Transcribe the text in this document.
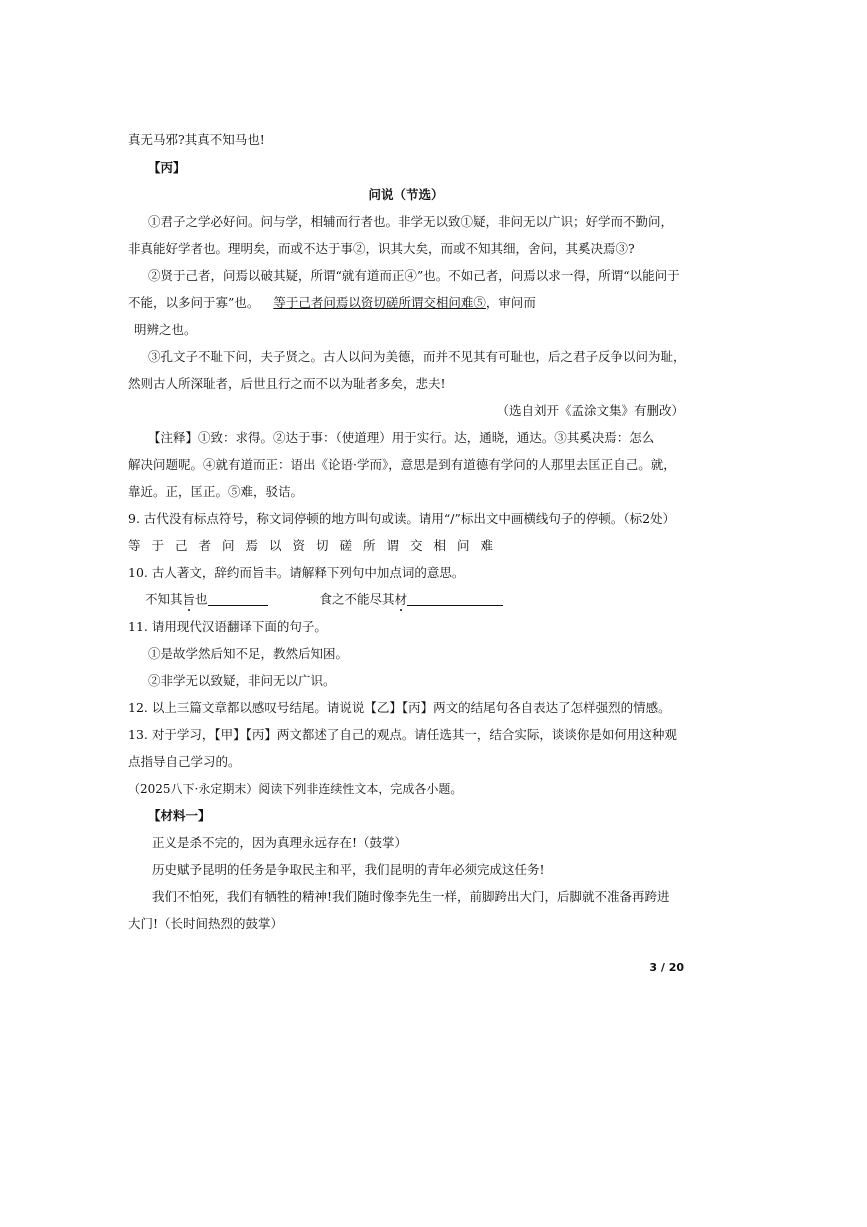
真无马邪?其真不知马也!
【丙】
问说（节选）
①君子之学必好问。问与学，相辅而行者也。非学无以致①疑，非问无以广识；好学而不勤问，
非真能好学者也。理明矣，而或不达于事②，识其大矣，而或不知其细，舍问，其奚决焉③?
②贤于己者，问焉以破其疑，所谓“就有道而正④”也。不如己者，问焉以求一得，所谓“以能问于
不能，以多问于寡”也。 等于己者问焉以资切磋所谓交相问难⑤，审问而
明辨之也。
③孔文子不耻下问，夫子贤之。古人以问为美德，而并不见其有可耻也，后之君子反争以问为耻，
然则古人所深耻者，后世且行之而不以为耻者多矣，悲夫!
（选自刘开《孟涂文集》有删改）
【注释】①致：求得。②达于事：（使道理）用于实行。达，通晓，通达。③其奚决焉：怎么
解决问题呢。④就有道而正：语出《论语·学而》，意思是到有道德有学问的人那里去匡正自己。就，
靠近。正，匡正。⑤难，驳诘。
9. 古代没有标点符号，称文词停顿的地方叫句或读。请用“/”标出文中画横线句子的停顿。（标2处）
等于己者问焉以资切磋所谓交相问难
10. 古人著文，辞约而旨丰。请解释下列句中加点词的意思。
不知其旨也	食之不能尽其材
11. 请用现代汉语翻译下面的句子。
①是故学然后知不足，教然后知困。
②非学无以致疑，非问无以广识。
12. 以上三篇文章都以感叹号结尾。请说说【乙】【丙】两文的结尾句各自表达了怎样强烈的情感。
13. 对于学习，【甲】【丙】两文都述了自己的观点。请任选其一，结合实际，谈谈你是如何用这种观
点指导自己学习的。
（2025八下·永定期末）阅读下列非连续性文本，完成各小题。
【材料一】
正义是杀不完的，因为真理永远存在!（鼓掌）
历史赋予昆明的任务是争取民主和平，我们昆明的青年必须完成这任务!
我们不怕死，我们有牺牲的精神!我们随时像李先生一样，前脚跨出大门，后脚就不准备再跨进
大门!（长时间热烈的鼓掌）
3 / 20
